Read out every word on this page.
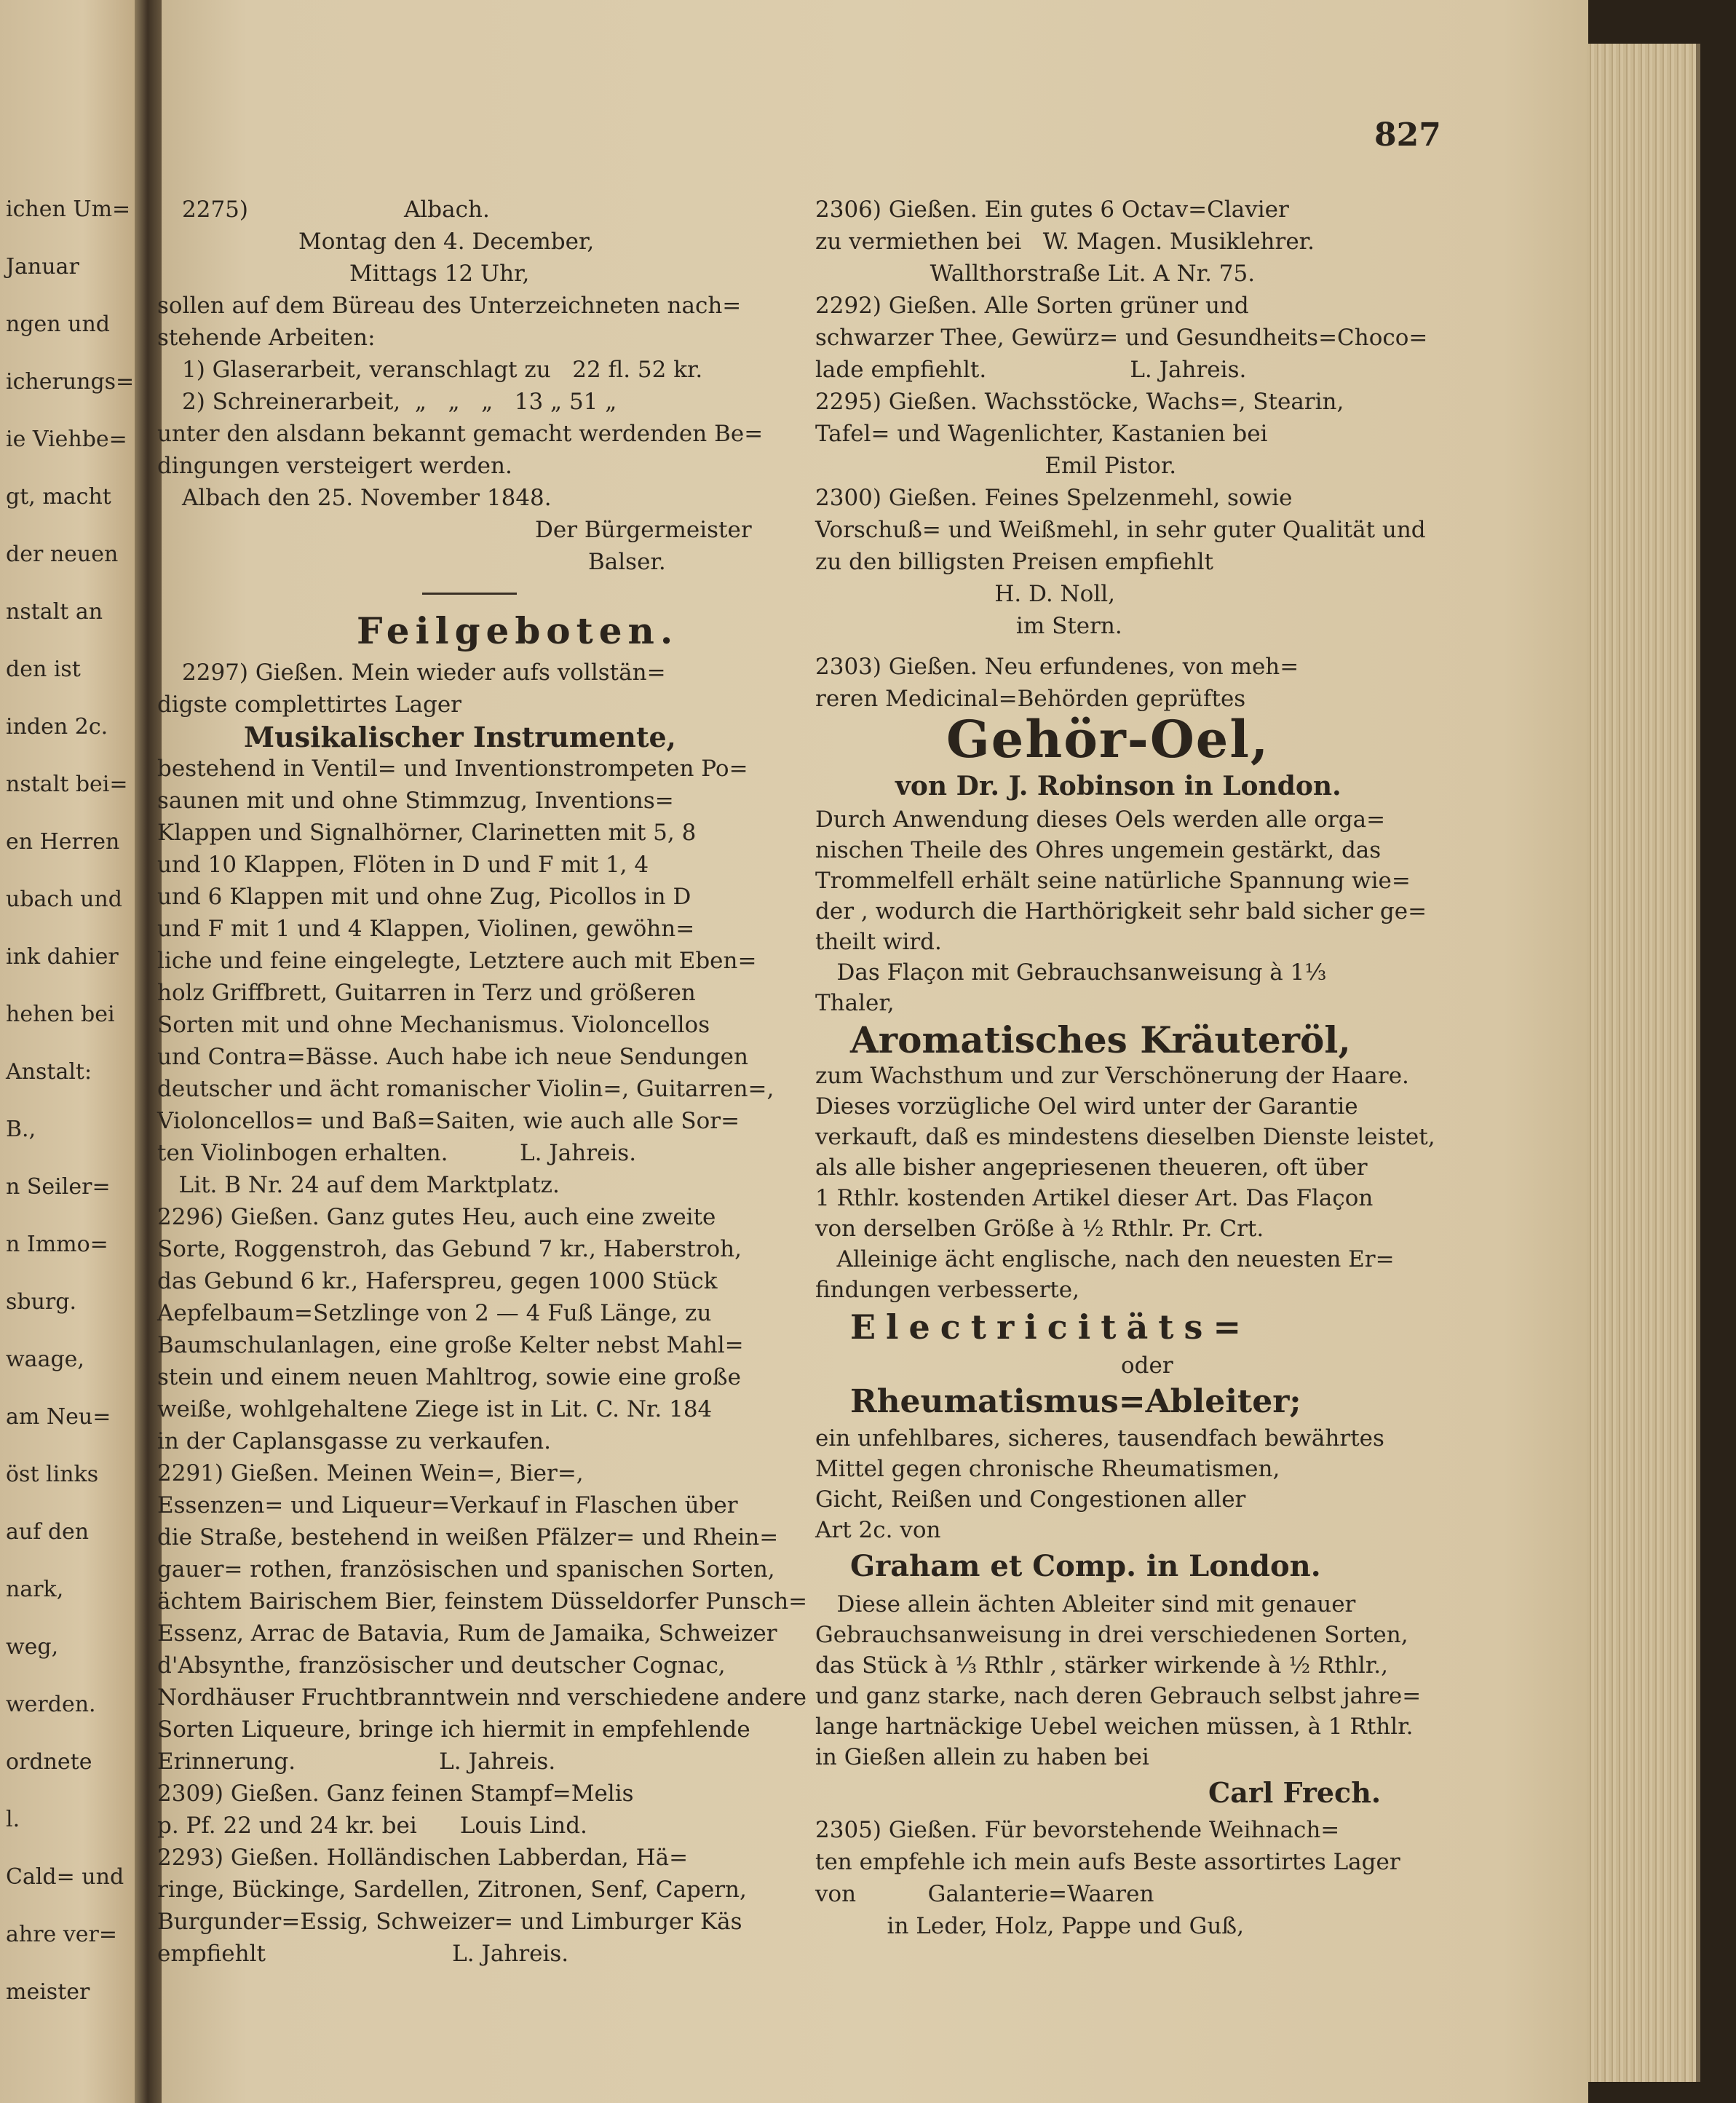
827
ichen Um=
Januar
ngen und
icherungs=
ie Viehbe=
gt, macht
der neuen
nstalt an
den ist
inden 2c.
nstalt bei=
en Herren
ubach und
ink dahier
hehen bei
Anstalt:
B.,
n Seiler=
n Immo=
sburg.
waage,
am Neu=
öst links
auf den
nark,
weg,
werden.
ordnete
l.
Cald= und
ahre ver=
meister
2275)	Albach.
Montag den 4. December,
Mittags 12 Uhr,
sollen auf dem Büreau des Unterzeichneten nach=
stehende Arbeiten:
1) Glaserarbeit, veranschlagt zu   22 fl. 52 kr.
2) Schreinerarbeit,  „   „   „   13 „ 51 „
unter den alsdann bekannt gemacht werdenden Be=
dingungen versteigert werden.
Albach den 25. November 1848.
Der Bürgermeister
Balser.
Feilgeboten.
2297) Gießen. Mein wieder aufs vollstän=
digste complettirtes Lager
Musikalischer Instrumente,
bestehend in Ventil= und Inventionstrompeten Po=
saunen mit und ohne Stimmzug, Inventions=
Klappen und Signalhörner, Clarinetten mit 5, 8
und 10 Klappen, Flöten in D und F mit 1, 4
und 6 Klappen mit und ohne Zug, Picollos in D
und F mit 1 und 4 Klappen, Violinen, gewöhn=
liche und feine eingelegte, Letztere auch mit Eben=
holz Griffbrett, Guitarren in Terz und größeren
Sorten mit und ohne Mechanismus. Violoncellos
und Contra=Bässe. Auch habe ich neue Sendungen
deutscher und ächt romanischer Violin=, Guitarren=,
Violoncellos= und Baß=Saiten, wie auch alle Sor=
ten Violinbogen erhalten.          L. Jahreis.
Lit. B Nr. 24 auf dem Marktplatz.
2296) Gießen. Ganz gutes Heu, auch eine zweite
Sorte, Roggenstroh, das Gebund 7 kr., Haberstroh,
das Gebund 6 kr., Haferspreu, gegen 1000 Stück
Aepfelbaum=Setzlinge von 2 — 4 Fuß Länge, zu
Baumschulanlagen, eine große Kelter nebst Mahl=
stein und einem neuen Mahltrog, sowie eine große
weiße, wohlgehaltene Ziege ist in Lit. C. Nr. 184
in der Caplansgasse zu verkaufen.
2291) Gießen. Meinen Wein=, Bier=,
Essenzen= und Liqueur=Verkauf in Flaschen über
die Straße, bestehend in weißen Pfälzer= und Rhein=
gauer= rothen, französischen und spanischen Sorten,
ächtem Bairischem Bier, feinstem Düsseldorfer Punsch=
Essenz, Arrac de Batavia, Rum de Jamaika, Schweizer
d'Absynthe, französischer und deutscher Cognac,
Nordhäuser Fruchtbranntwein nnd verschiedene andere
Sorten Liqueure, bringe ich hiermit in empfehlende
Erinnerung.                    L. Jahreis.
2309) Gießen. Ganz feinen Stampf=Melis
p. Pf. 22 und 24 kr. bei      Louis Lind.
2293) Gießen. Holländischen Labberdan, Hä=
ringe, Bückinge, Sardellen, Zitronen, Senf, Capern,
Burgunder=Essig, Schweizer= und Limburger Käs
empfiehlt                          L. Jahreis.
2306) Gießen. Ein gutes 6 Octav=Clavier
zu vermiethen bei   W. Magen. Musiklehrer.
Wallthorstraße Lit. A Nr. 75.
2292) Gießen. Alle Sorten grüner und
schwarzer Thee, Gewürz= und Gesundheits=Choco=
lade empfiehlt.                    L. Jahreis.
2295) Gießen. Wachsstöcke, Wachs=, Stearin,
Tafel= und Wagenlichter, Kastanien bei
Emil Pistor.
2300) Gießen. Feines Spelzenmehl, sowie
Vorschuß= und Weißmehl, in sehr guter Qualität und
zu den billigsten Preisen empfiehlt
H. D. Noll,
im Stern.
2303) Gießen. Neu erfundenes, von meh=
reren Medicinal=Behörden geprüftes
Gehör-Oel,
von Dr. J. Robinson in London.
Durch Anwendung dieses Oels werden alle orga=
nischen Theile des Ohres ungemein gestärkt, das
Trommelfell erhält seine natürliche Spannung wie=
der , wodurch die Harthörigkeit sehr bald sicher ge=
theilt wird.
Das Flaçon mit Gebrauchsanweisung à 1⅓
Thaler,
Aromatisches Kräuteröl,
zum Wachsthum und zur Verschönerung der Haare.
Dieses vorzügliche Oel wird unter der Garantie
verkauft, daß es mindestens dieselben Dienste leistet,
als alle bisher angepriesenen theueren, oft über
1 Rthlr. kostenden Artikel dieser Art. Das Flaçon
von derselben Größe à ½ Rthlr. Pr. Crt.
Alleinige ächt englische, nach den neuesten Er=
findungen verbesserte,
Electricitäts=
oder
Rheumatismus=Ableiter;
ein unfehlbares, sicheres, tausendfach bewährtes
Mittel gegen chronische Rheumatismen,
Gicht, Reißen und Congestionen aller
Art 2c. von
Graham et Comp. in London.
Diese allein ächten Ableiter sind mit genauer
Gebrauchsanweisung in drei verschiedenen Sorten,
das Stück à ⅓ Rthlr , stärker wirkende à ½ Rthlr.,
und ganz starke, nach deren Gebrauch selbst jahre=
lange hartnäckige Uebel weichen müssen, à 1 Rthlr.
in Gießen allein zu haben bei
Carl Frech.
2305) Gießen. Für bevorstehende Weihnach=
ten empfehle ich mein aufs Beste assortirtes Lager
von          Galanterie=Waaren
in Leder, Holz, Pappe und Guß,
